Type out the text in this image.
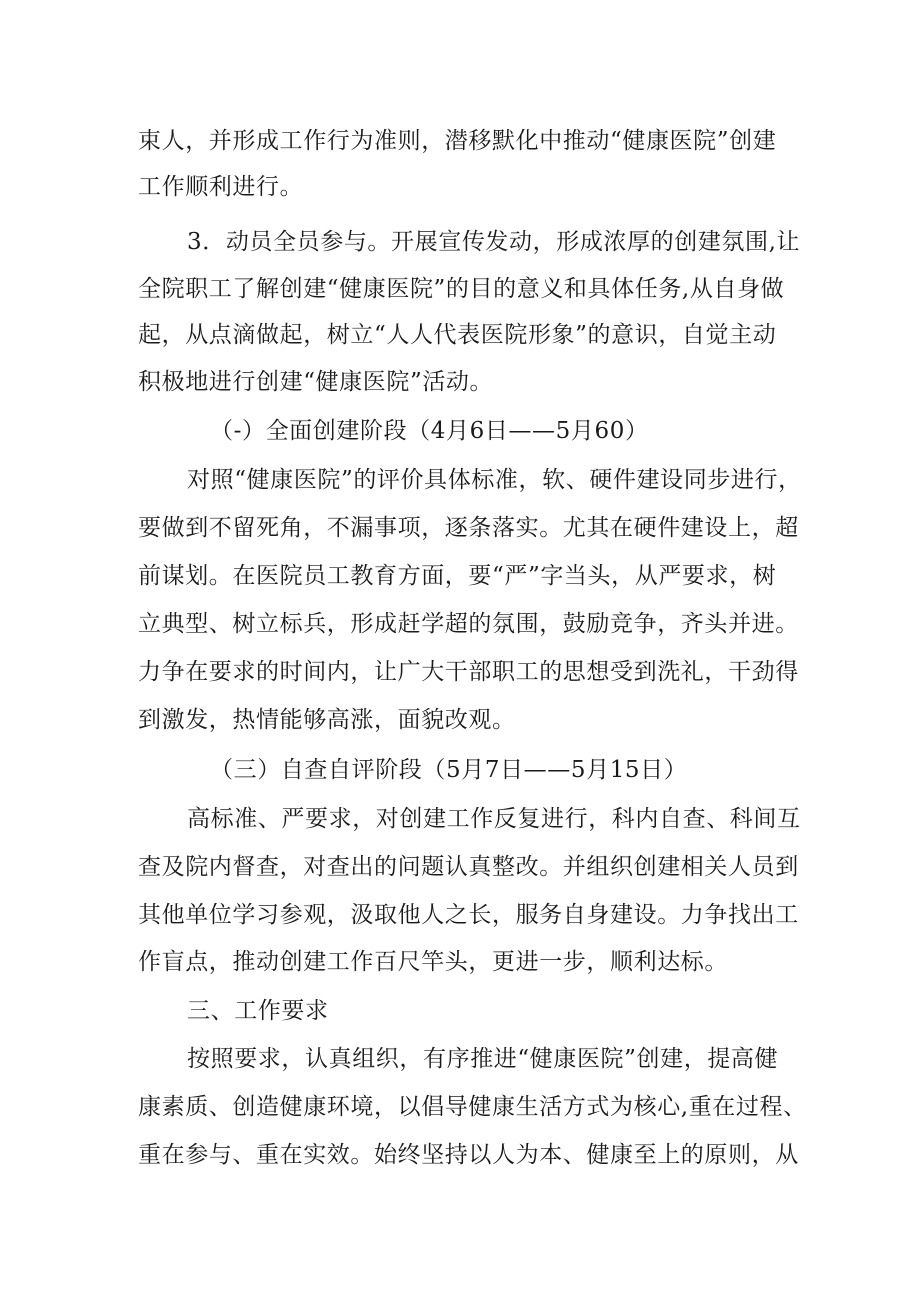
束人，并形成工作行为准则，潜移默化中推动“健康医院”创建
工作顺利进行。
3．动员全员参与。开展宣传发动，形成浓厚的创建氛围,让
全院职工了解创建“健康医院”的目的意义和具体任务,从自身做
起，从点滴做起，树立“人人代表医院形象”的意识，自觉主动
积极地进行创建“健康医院”活动。
（-）全面创建阶段（4月6日——5月60）
对照“健康医院”的评价具体标准，软、硬件建设同步进行，
要做到不留死角，不漏事项，逐条落实。尤其在硬件建设上，超
前谋划。在医院员工教育方面，要“严”字当头，从严要求，树
立典型、树立标兵，形成赶学超的氛围，鼓励竞争，齐头并进。
力争在要求的时间内，让广大干部职工的思想受到洗礼，干劲得
到激发，热情能够高涨，面貌改观。
（三）自查自评阶段（5月7日——5月15日）
高标准、严要求，对创建工作反复进行，科内自查、科间互
查及院内督查，对查出的问题认真整改。并组织创建相关人员到
其他单位学习参观，汲取他人之长，服务自身建设。力争找出工
作盲点，推动创建工作百尺竿头，更进一步，顺利达标。
三、工作要求
按照要求，认真组织，有序推进“健康医院”创建，提高健
康素质、创造健康环境，以倡导健康生活方式为核心,重在过程、
重在参与、重在实效。始终坚持以人为本、健康至上的原则，从
